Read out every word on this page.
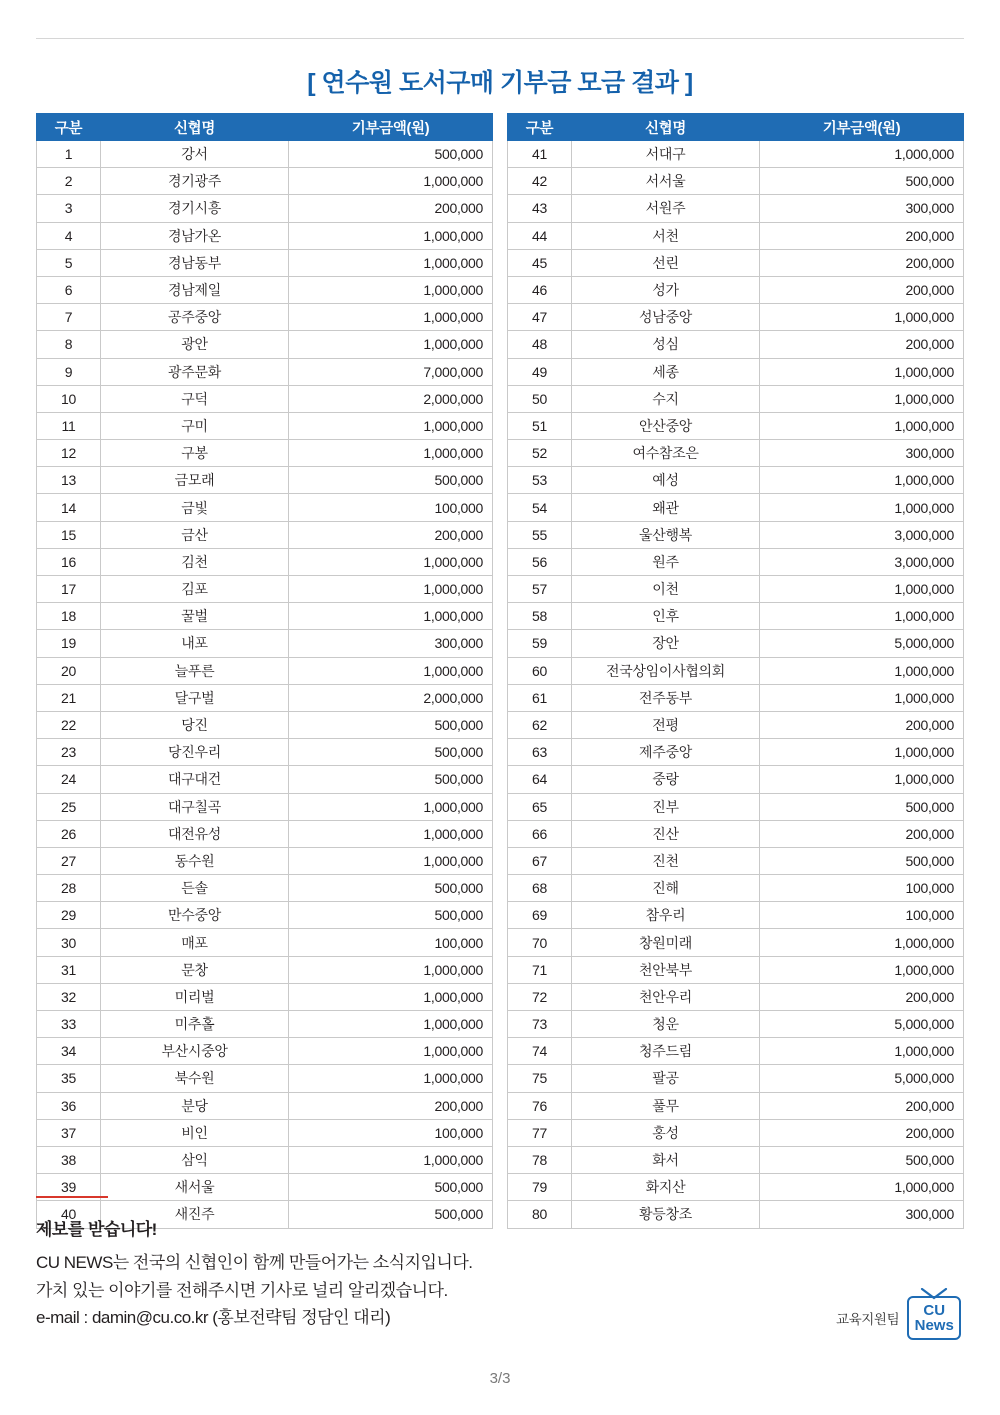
[ 연수원 도서구매 기부금 모금 결과 ]
구분	신협명	기부금액(원)
1	강서	500,000
2	경기광주	1,000,000
3	경기시흥	200,000
4	경남가온	1,000,000
5	경남동부	1,000,000
6	경남제일	1,000,000
7	공주중앙	1,000,000
8	광안	1,000,000
9	광주문화	7,000,000
10	구덕	2,000,000
11	구미	1,000,000
12	구봉	1,000,000
13	금모래	500,000
14	금빛	100,000
15	금산	200,000
16	김천	1,000,000
17	김포	1,000,000
18	꿀벌	1,000,000
19	내포	300,000
20	늘푸른	1,000,000
21	달구벌	2,000,000
22	당진	500,000
23	당진우리	500,000
24	대구대건	500,000
25	대구칠곡	1,000,000
26	대전유성	1,000,000
27	동수원	1,000,000
28	든솔	500,000
29	만수중앙	500,000
30	매포	100,000
31	문창	1,000,000
32	미리벌	1,000,000
33	미추홀	1,000,000
34	부산시중앙	1,000,000
35	북수원	1,000,000
36	분당	200,000
37	비인	100,000
38	삼익	1,000,000
39	새서울	500,000
40	새진주	500,000
구분	신협명	기부금액(원)
41	서대구	1,000,000
42	서서울	500,000
43	서원주	300,000
44	서천	200,000
45	선린	200,000
46	성가	200,000
47	성남중앙	1,000,000
48	성심	200,000
49	세종	1,000,000
50	수지	1,000,000
51	안산중앙	1,000,000
52	여수참조은	300,000
53	예성	1,000,000
54	왜관	1,000,000
55	울산행복	3,000,000
56	원주	3,000,000
57	이천	1,000,000
58	인후	1,000,000
59	장안	5,000,000
60	전국상임이사협의회	1,000,000
61	전주동부	1,000,000
62	전평	200,000
63	제주중앙	1,000,000
64	중랑	1,000,000
65	진부	500,000
66	진산	200,000
67	진천	500,000
68	진해	100,000
69	참우리	100,000
70	창원미래	1,000,000
71	천안북부	1,000,000
72	천안우리	200,000
73	청운	5,000,000
74	청주드림	1,000,000
75	팔공	5,000,000
76	풀무	200,000
77	홍성	200,000
78	화서	500,000
79	화지산	1,000,000
80	황등창조	300,000
제보를 받습니다!
CU NEWS는 전국의 신협인이 함께 만들어가는 소식지입니다.
가치 있는 이야기를 전해주시면 기사로 널리 알리겠습니다.
e-mail : damin@cu.co.kr (홍보전략팀 정담인 대리)	교육지원팀
CU
News
3/3
